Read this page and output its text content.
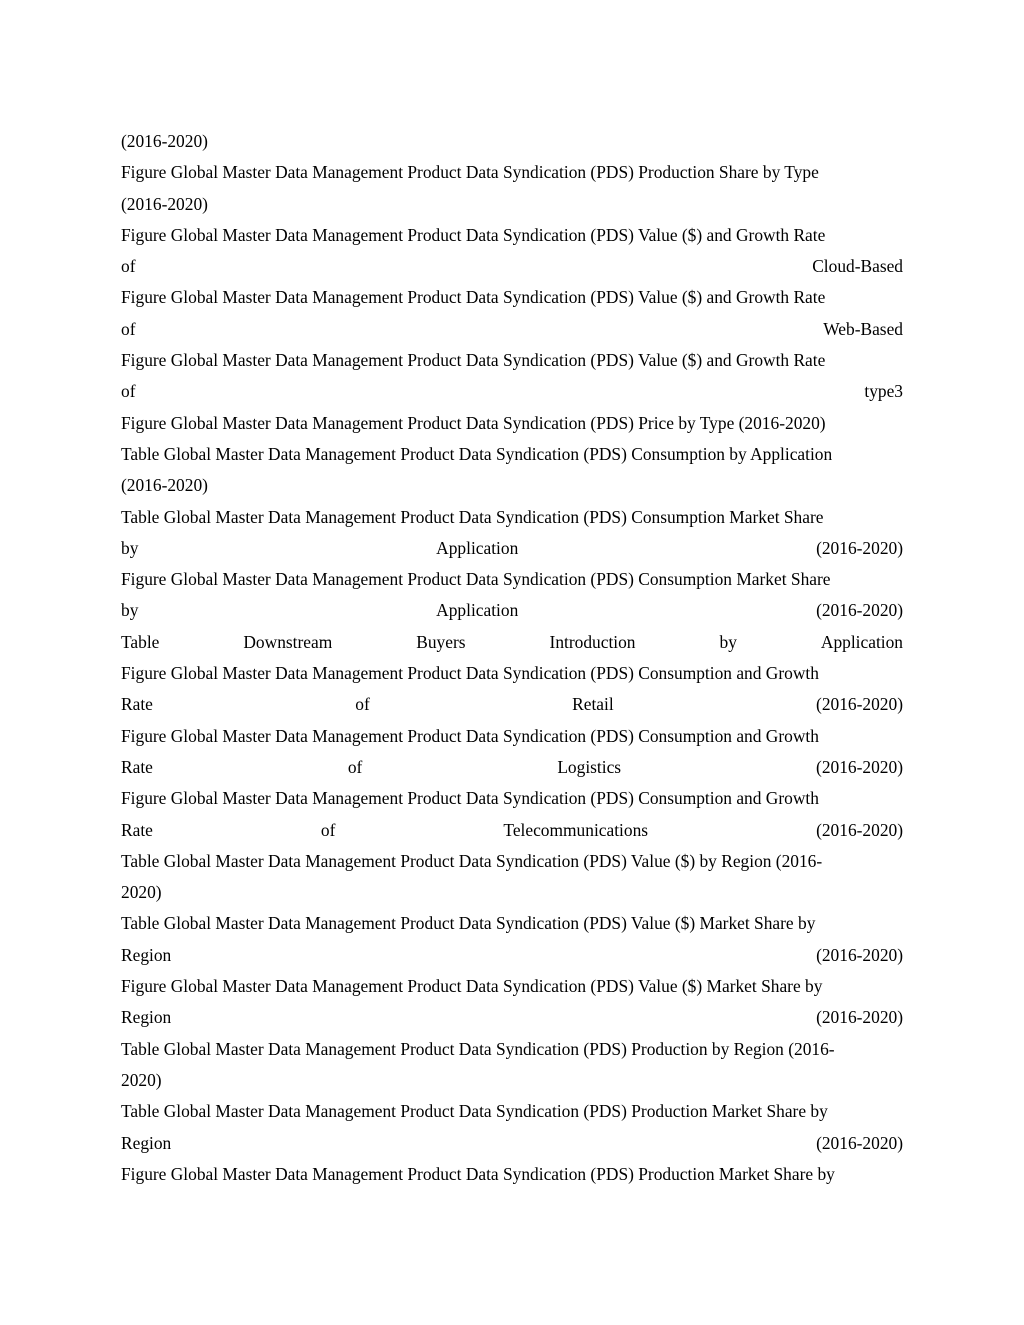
(2016-2020)
Figure Global Master Data Management Product Data Syndication (PDS) Production Share by Type
(2016-2020)
Figure Global Master Data Management Product Data Syndication (PDS) Value ($) and Growth Rate
of	Cloud-Based
Figure Global Master Data Management Product Data Syndication (PDS) Value ($) and Growth Rate
of	Web-Based
Figure Global Master Data Management Product Data Syndication (PDS) Value ($) and Growth Rate
of	type3
Figure Global Master Data Management Product Data Syndication (PDS) Price by Type (2016-2020)
Table Global Master Data Management Product Data Syndication (PDS) Consumption by Application
(2016-2020)
Table Global Master Data Management Product Data Syndication (PDS) Consumption Market Share
by	Application	(2016-2020)
Figure Global Master Data Management Product Data Syndication (PDS) Consumption Market Share
by	Application	(2016-2020)
Table	Downstream	Buyers	Introduction	by	Application
Figure Global Master Data Management Product Data Syndication (PDS) Consumption and Growth
Rate	of	Retail	(2016-2020)
Figure Global Master Data Management Product Data Syndication (PDS) Consumption and Growth
Rate	of	Logistics	(2016-2020)
Figure Global Master Data Management Product Data Syndication (PDS) Consumption and Growth
Rate	of	Telecommunications	(2016-2020)
Table Global Master Data Management Product Data Syndication (PDS) Value ($) by Region (2016-
2020)
Table Global Master Data Management Product Data Syndication (PDS) Value ($) Market Share by
Region	(2016-2020)
Figure Global Master Data Management Product Data Syndication (PDS) Value ($) Market Share by
Region	(2016-2020)
Table Global Master Data Management Product Data Syndication (PDS) Production by Region (2016-
2020)
Table Global Master Data Management Product Data Syndication (PDS) Production Market Share by
Region	(2016-2020)
Figure Global Master Data Management Product Data Syndication (PDS) Production Market Share by
